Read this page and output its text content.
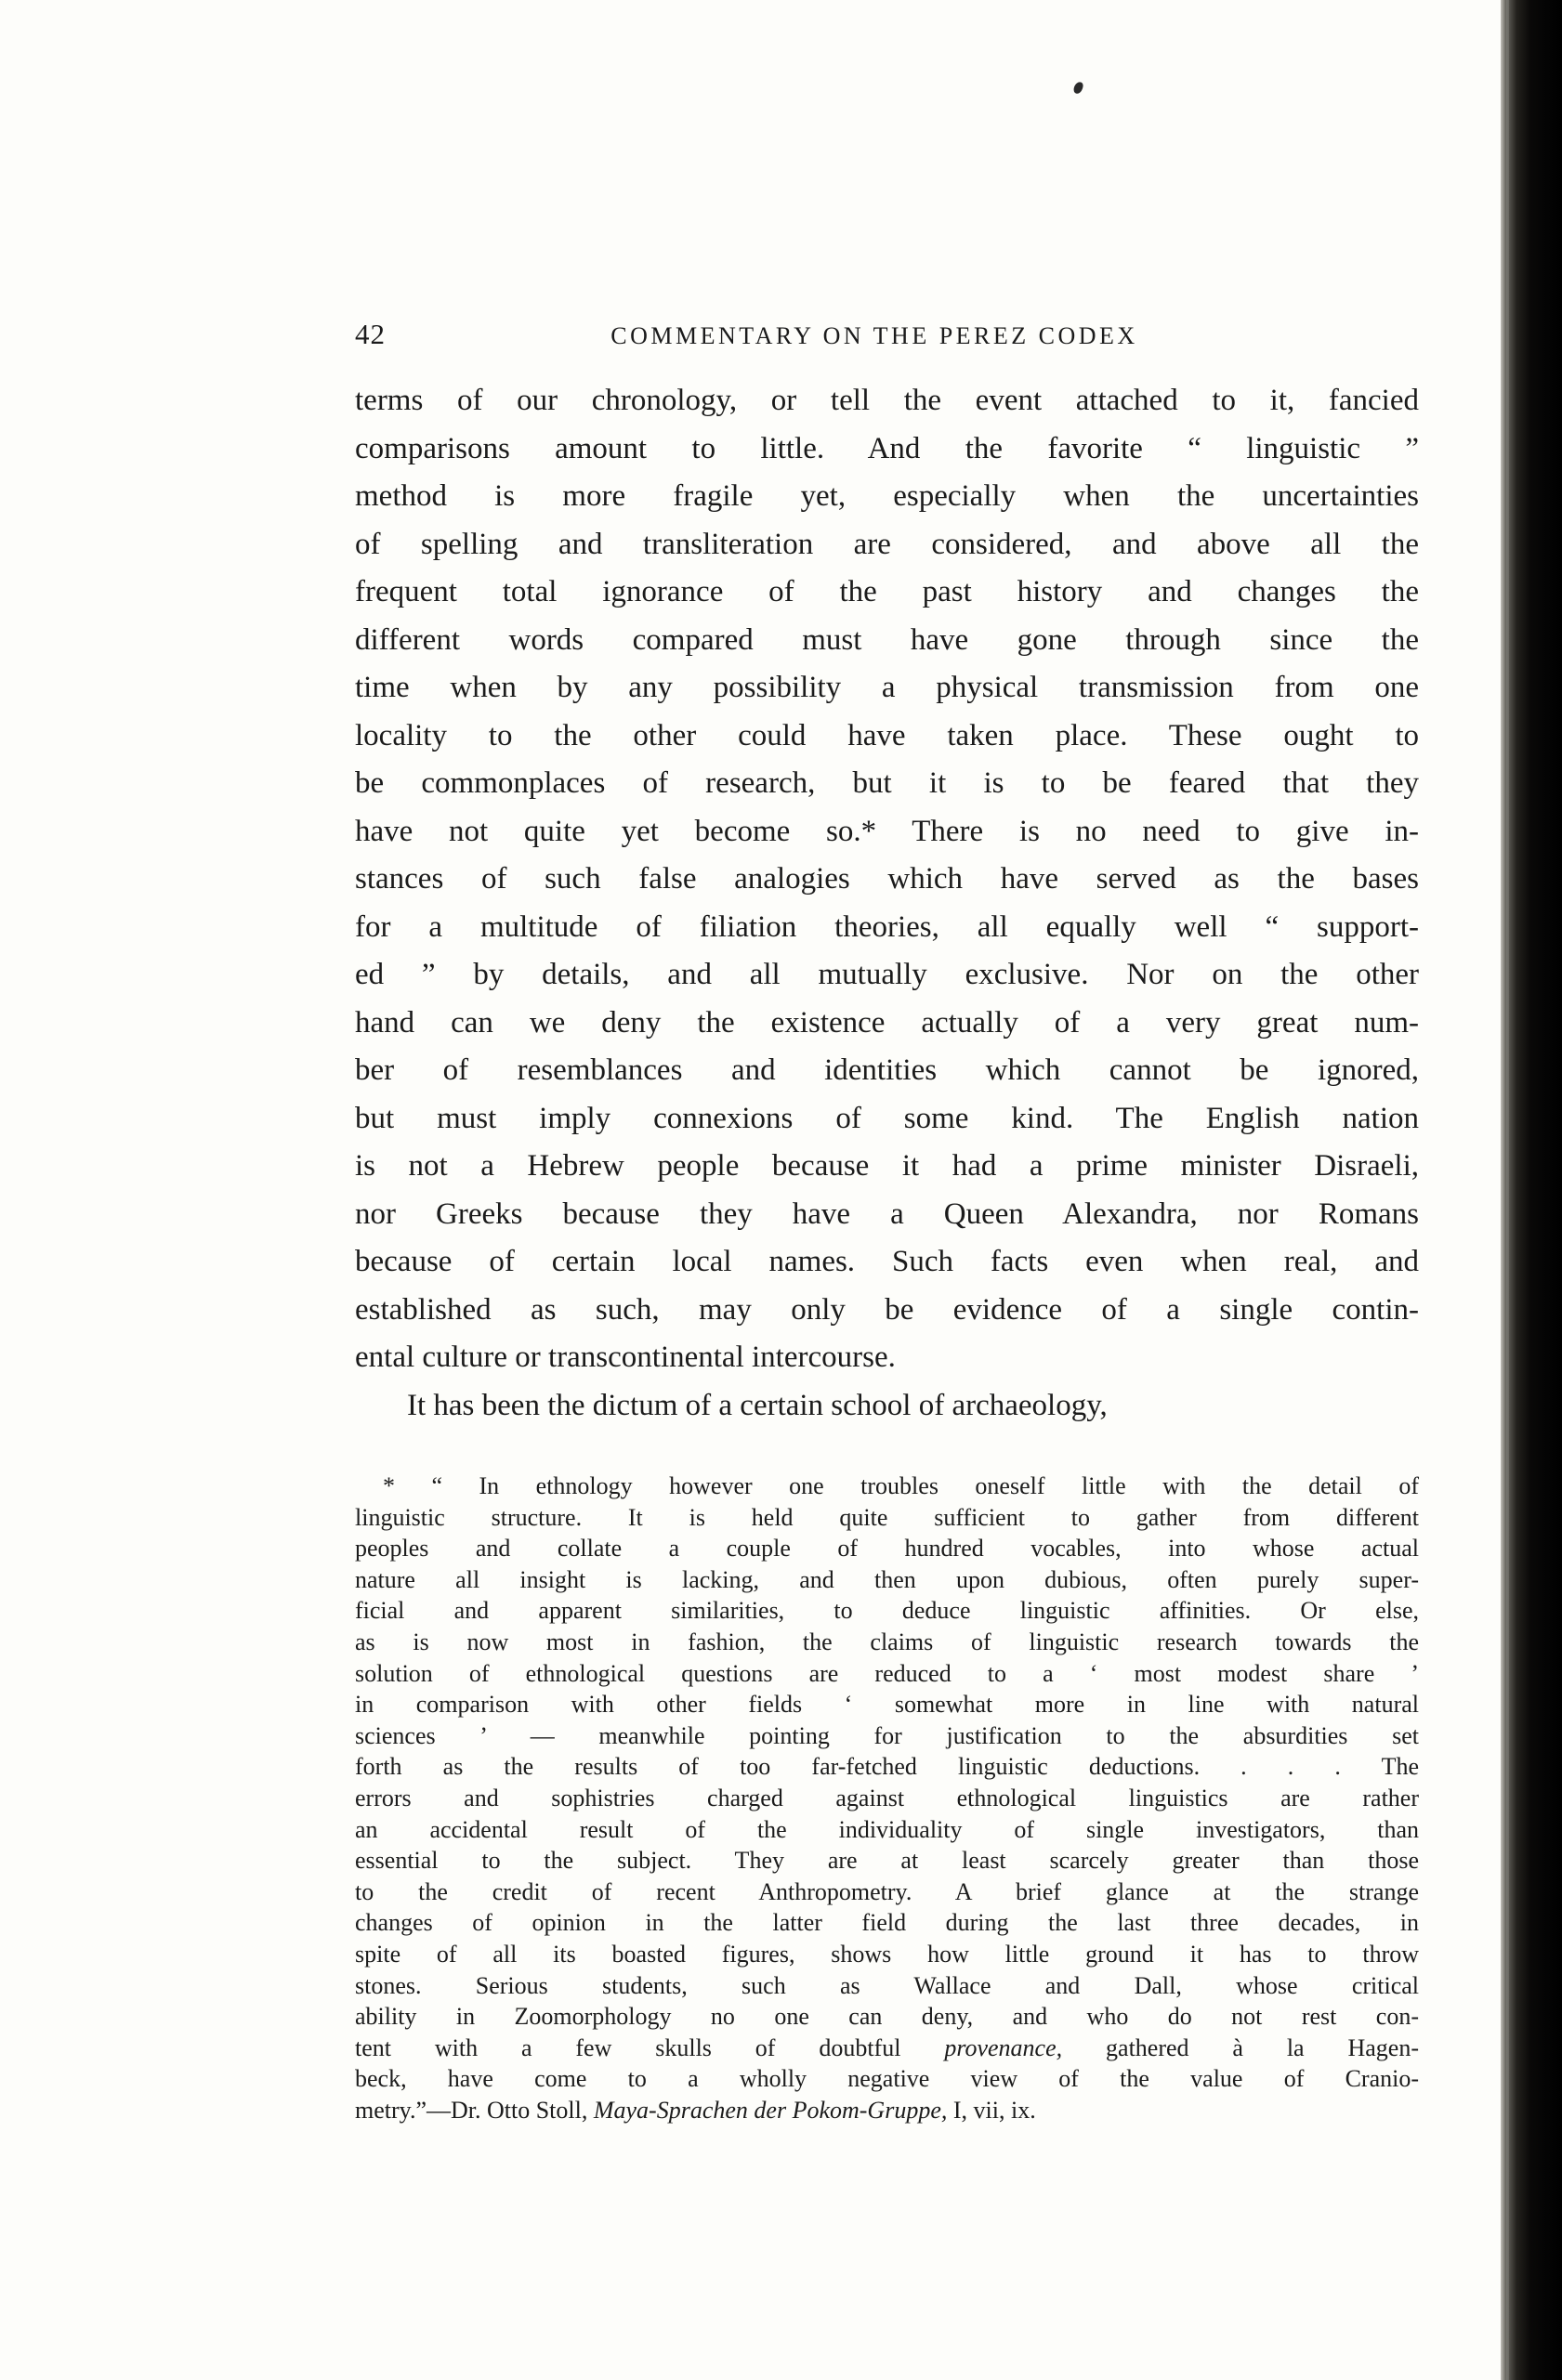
42	COMMENTARY ON THE PEREZ CODEX
terms of our chronology, or tell the event attached to it, fancied
comparisons amount to little. And the favorite “ linguistic ”
method is more fragile yet, especially when the uncertainties
of spelling and transliteration are considered, and above all the
frequent total ignorance of the past history and changes the
different words compared must have gone through since the
time when by any possibility a physical transmission from one
locality to the other could have taken place. These ought to
be commonplaces of research, but it is to be feared that they
have not quite yet become so.* There is no need to give in-
stances of such false analogies which have served as the bases
for a multitude of filiation theories, all equally well “ support-
ed ” by details, and all mutually exclusive. Nor on the other
hand can we deny the existence actually of a very great num-
ber of resemblances and identities which cannot be ignored,
but must imply connexions of some kind. The English nation
is not a Hebrew people because it had a prime minister Disraeli,
nor Greeks because they have a Queen Alexandra, nor Romans
because of certain local names. Such facts even when real, and
established as such, may only be evidence of a single contin-
ental culture or transcontinental intercourse.
It has been the dictum of a certain school of archaeology,
* “ In ethnology however one troubles oneself little with the detail of
linguistic structure. It is held quite sufficient to gather from different
peoples and collate a couple of hundred vocables, into whose actual
nature all insight is lacking, and then upon dubious, often purely super-
ficial and apparent similarities, to deduce linguistic affinities. Or else,
as is now most in fashion, the claims of linguistic research towards the
solution of ethnological questions are reduced to a ‘ most modest share ’
in comparison with other fields ‘ somewhat more in line with natural
sciences ’ — meanwhile pointing for justification to the absurdities set
forth as the results of too far-fetched linguistic deductions. . . . The
errors and sophistries charged against ethnological linguistics are rather
an accidental result of the individuality of single investigators, than
essential to the subject. They are at least scarcely greater than those
to the credit of recent Anthropometry. A brief glance at the strange
changes of opinion in the latter field during the last three decades, in
spite of all its boasted figures, shows how little ground it has to throw
stones. Serious students, such as Wallace and Dall, whose critical
ability in Zoomorphology no one can deny, and who do not rest con-
tent with a few skulls of doubtful provenance, gathered à la Hagen-
beck, have come to a wholly negative view of the value of Cranio-
metry.”—Dr. Otto Stoll, Maya-Sprachen der Pokom-Gruppe, I, vii, ix.
